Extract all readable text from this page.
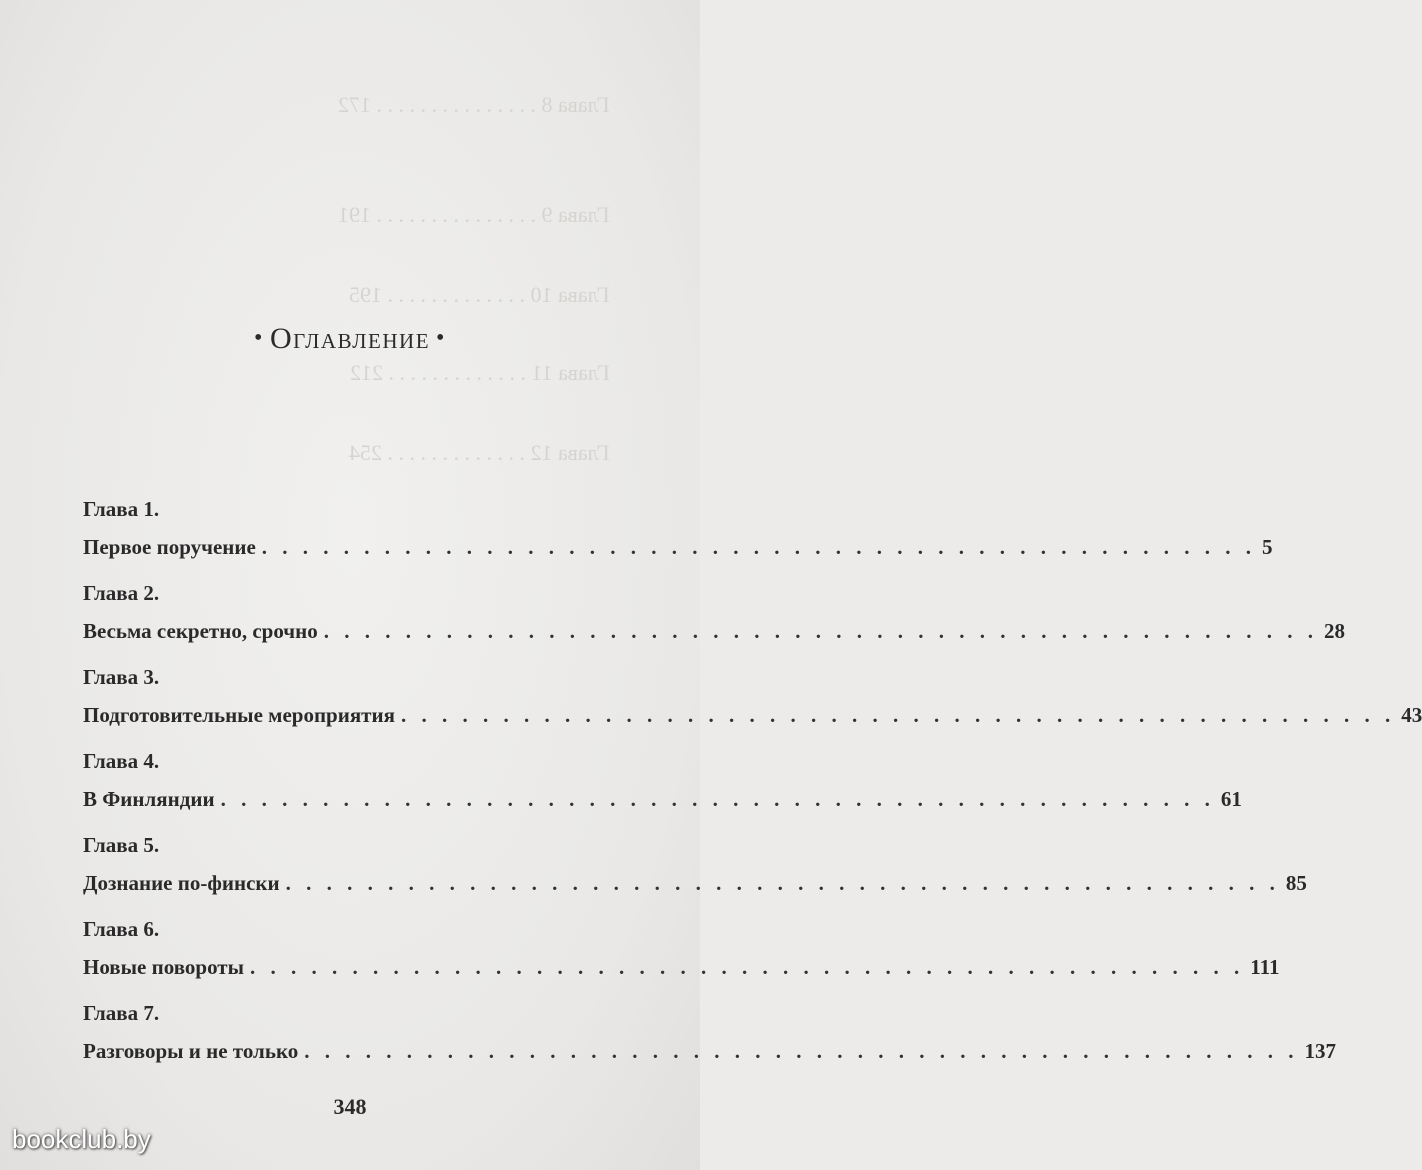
Глава 8 . . . . . . . . . . . . . . . 172
Глава 9 . . . . . . . . . . . . . . . 191
Глава 10 . . . . . . . . . . . . . 195
Глава 11 . . . . . . . . . . . . . 212
Глава 12 . . . . . . . . . . . . . 254
• Оглавление •
Глава 1.
Первое поручение . . . . . . . . . . . . . . . . . . . . . . . . . . . . . . . . . . . . . . . . . . . . . . . . . 5
Глава 2.
Весьма секретно, срочно . . . . . . . . . . . . . . . . . . . . . . . . . . . . . . . . . . . . . . . . . . . . . . . . . 28
Глава 3.
Подготовительные мероприятия . . . . . . . . . . . . . . . . . . . . . . . . . . . . . . . . . . . . . . . . . . . . . . . . . 43
Глава 4.
В Финляндии . . . . . . . . . . . . . . . . . . . . . . . . . . . . . . . . . . . . . . . . . . . . . . . . . 61
Глава 5.
Дознание по-фински . . . . . . . . . . . . . . . . . . . . . . . . . . . . . . . . . . . . . . . . . . . . . . . . . 85
Глава 6.
Новые повороты . . . . . . . . . . . . . . . . . . . . . . . . . . . . . . . . . . . . . . . . . . . . . . . . . 111
Глава 7.
Разговоры и не только . . . . . . . . . . . . . . . . . . . . . . . . . . . . . . . . . . . . . . . . . . . . . . . . . 137
348
bookclub.by
